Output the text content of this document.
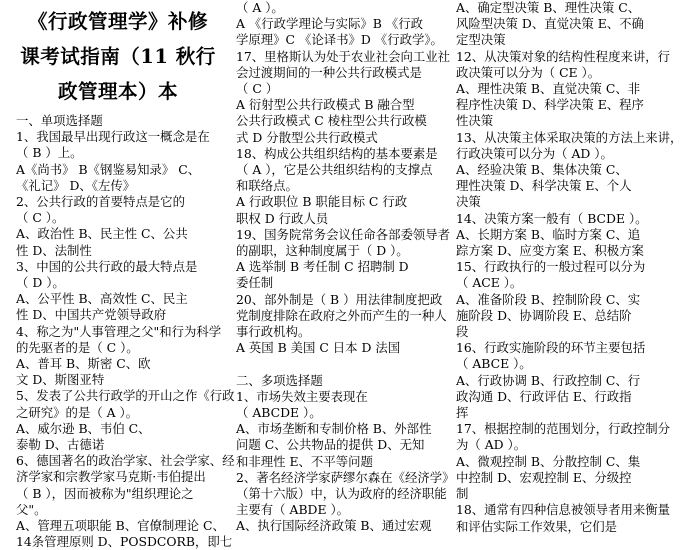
《行政管理学》补修
课考试指南（11 秋行
政管理本）本
一、单项选择题
1、我国最早出现行政这一概念是在
（ B ）上。
A《尚书》 B《钢鉴易知录》 C、
《礼记》 D、《左传》
2、公共行政的首要特点是它的
（ C ）。
A、政治性 B、民主性 C、公共
性 D、法制性
3、中国的公共行政的最大特点是
（ D ）。
A、公平性 B、高效性 C、民主
性 D、中国共产党领导政府
4、称之为"人事管理之父"和行为科学
的先驱者的是（ C ）。
A、普耳 B、斯密 C、欧
文 D、斯图亚特
5、发表了公共行政学的开山之作《行政
之研究》的是（ A ）。
A、威尔逊 B、韦伯 C、
泰勒 D、古德诺
6、德国著名的政治学家、社会学家、经
济学家和宗教学家马克斯·韦伯提出
（ B ），因而被称为"组织理论之
父"。
A、管理五项职能 B、官僚制理论 C、
14条管理原则 D、POSDCORB，即七
（ A ）。
A 《行政学理论与实际》B 《行政
学原理》C 《论译书》D 《行政学》。
17、里格斯认为处于农业社会向工业社
会过渡期间的一种公共行政模式是
（ C ）
A 衍射型公共行政模式 B 融合型
公共行政模式 C 棱柱型公共行政模
式 D 分散型公共行政模式
18、构成公共组织结构的基本要素是
（ A ），它是公共组织结构的支撑点
和联络点。
A 行政职位 B 职能目标 C 行政
职权 D 行政人员
19、国务院常务会议任命各部委领导者
的副职，这种制度属于（ D ）。
A 选举制 B 考任制 C 招聘制 D
委任制
20、部外制是（ B ）用法律制度把政
党制度排除在政府之外而产生的一种人
事行政机构。
A 英国 B 美国 C 日本 D 法国
二、多项选择题
1、市场失效主要表现在
（ ABCDE ）。
A、市场垄断和专制价格 B、外部性
问题 C、公共物品的提供 D、无知
和非理性 E、不平等问题
2、著名经济学家萨缪尔森在《经济学》
（第十六版）中，认为政府的经济职能
主要有（ ABDE ）。
A、执行国际经济政策 B、通过宏观
A、确定型决策 B、理性决策 C、
风险型决策 D、直觉决策 E、不确
定型决策
12、从决策对象的结构性程度来讲，行
政决策可以分为（ CE ）。
A、理性决策 B、直觉决策 C、非
程序性决策 D、科学决策 E、程序
性决策
13、从决策主体采取决策的方法上来讲，
行政决策可以分为（ AD ）。
A、经验决策 B、集体决策 C、
理性决策 D、科学决策 E、个人
决策
14、决策方案一般有（ BCDE ）。
A、长期方案 B、临时方案 C、追
踪方案 D、应变方案 E、积极方案
15、行政执行的一般过程可以分为
（ ACE ）。
A、准备阶段 B、控制阶段 C、实
施阶段 D、协调阶段 E、总结阶
段
16、行政实施阶段的环节主要包括
（ ABCE ）。
A、行政协调 B、行政控制 C、行
政沟通 D、行政评估 E、行政指
挥
17、根据控制的范围划分，行政控制分
为（ AD ）。
A、微观控制 B、分散控制 C、集
中控制 D、宏观控制 E、分级控
制
18、通常有四种信息被领导者用来衡量
和评估实际工作效果，它们是
